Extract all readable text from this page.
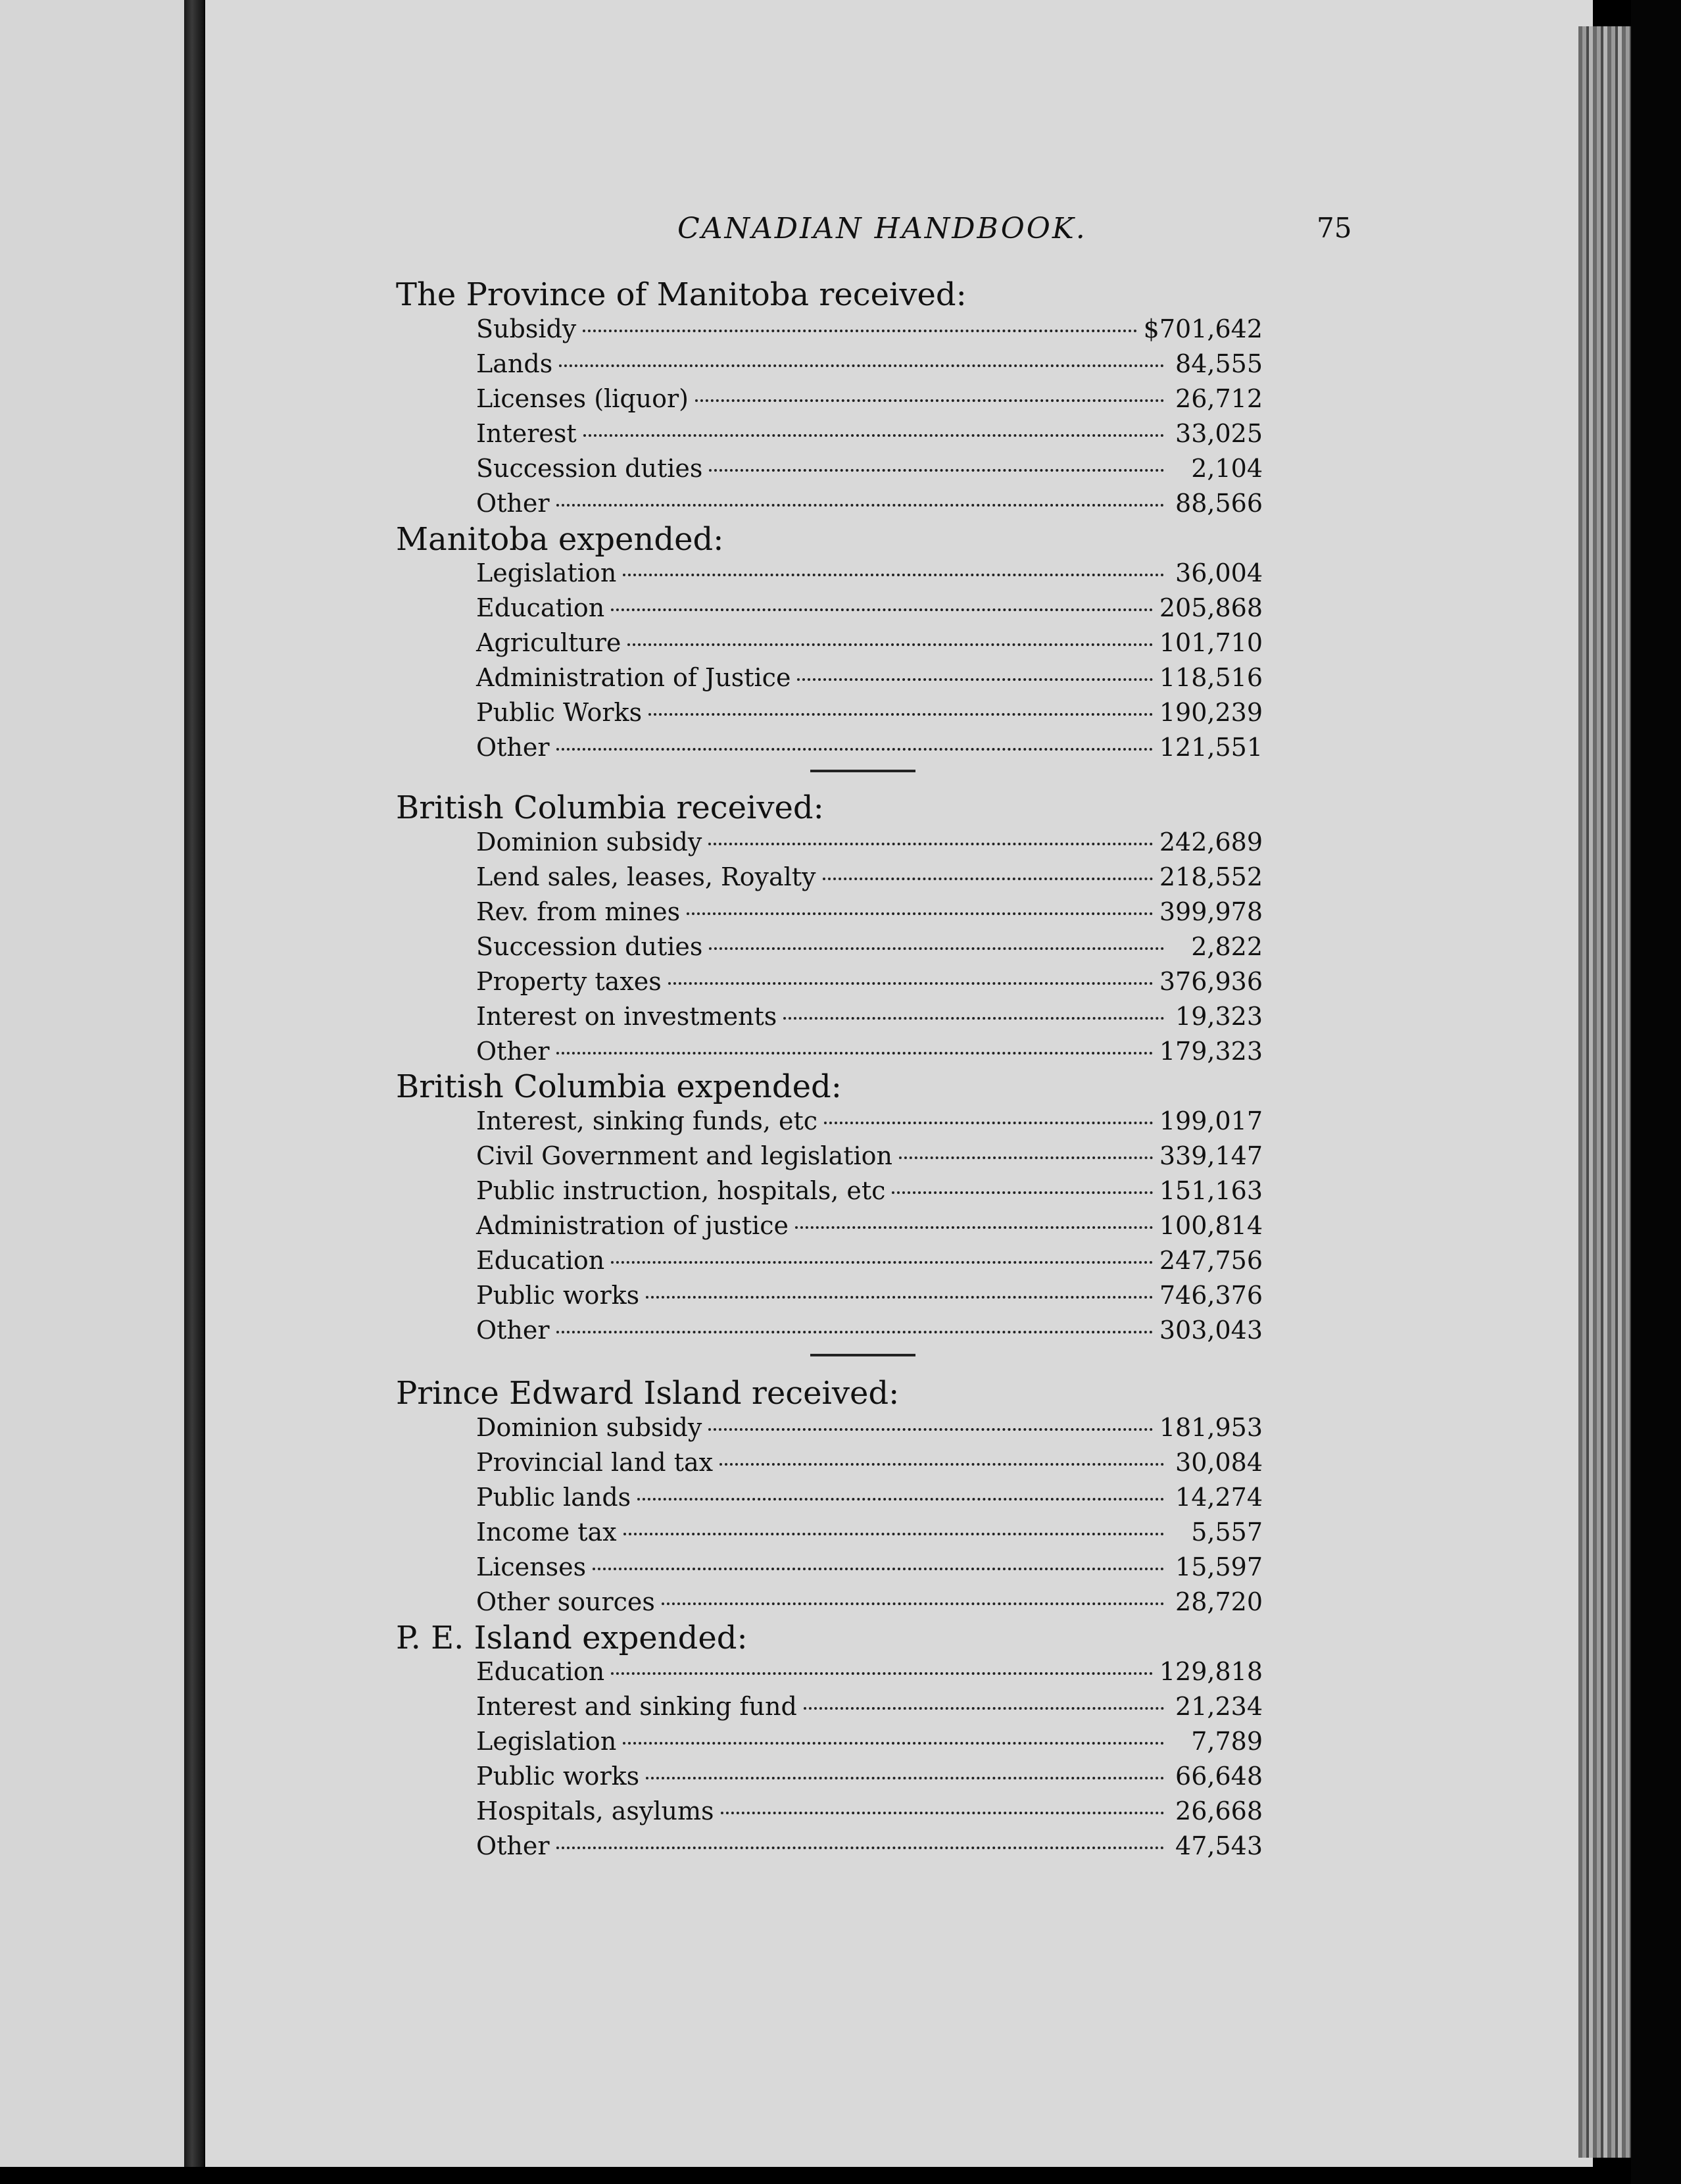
CANADIAN HANDBOOK.	75
The Province of Manitoba received:
Subsidy	$701,642
Lands	84,555
Licenses (liquor)	26,712
Interest	33,025
Succession duties	2,104
Other	88,566
Manitoba expended:
Legislation	36,004
Education	205,868
Agriculture	101,710
Administration of Justice	118,516
Public Works	190,239
Other	121,551
British Columbia received:
Dominion subsidy	242,689
Lend sales, leases, Royalty	218,552
Rev. from mines	399,978
Succession duties	2,822
Property taxes	376,936
Interest on investments	19,323
Other	179,323
British Columbia expended:
Interest, sinking funds, etc	199,017
Civil Government and legislation	339,147
Public instruction, hospitals, etc	151,163
Administration of justice	100,814
Education	247,756
Public works	746,376
Other	303,043
Prince Edward Island received:
Dominion subsidy	181,953
Provincial land tax	30,084
Public lands	14,274
Income tax	5,557
Licenses	15,597
Other sources	28,720
P. E. Island expended:
Education	129,818
Interest and sinking fund	21,234
Legislation	7,789
Public works	66,648
Hospitals, asylums	26,668
Other	47,543
